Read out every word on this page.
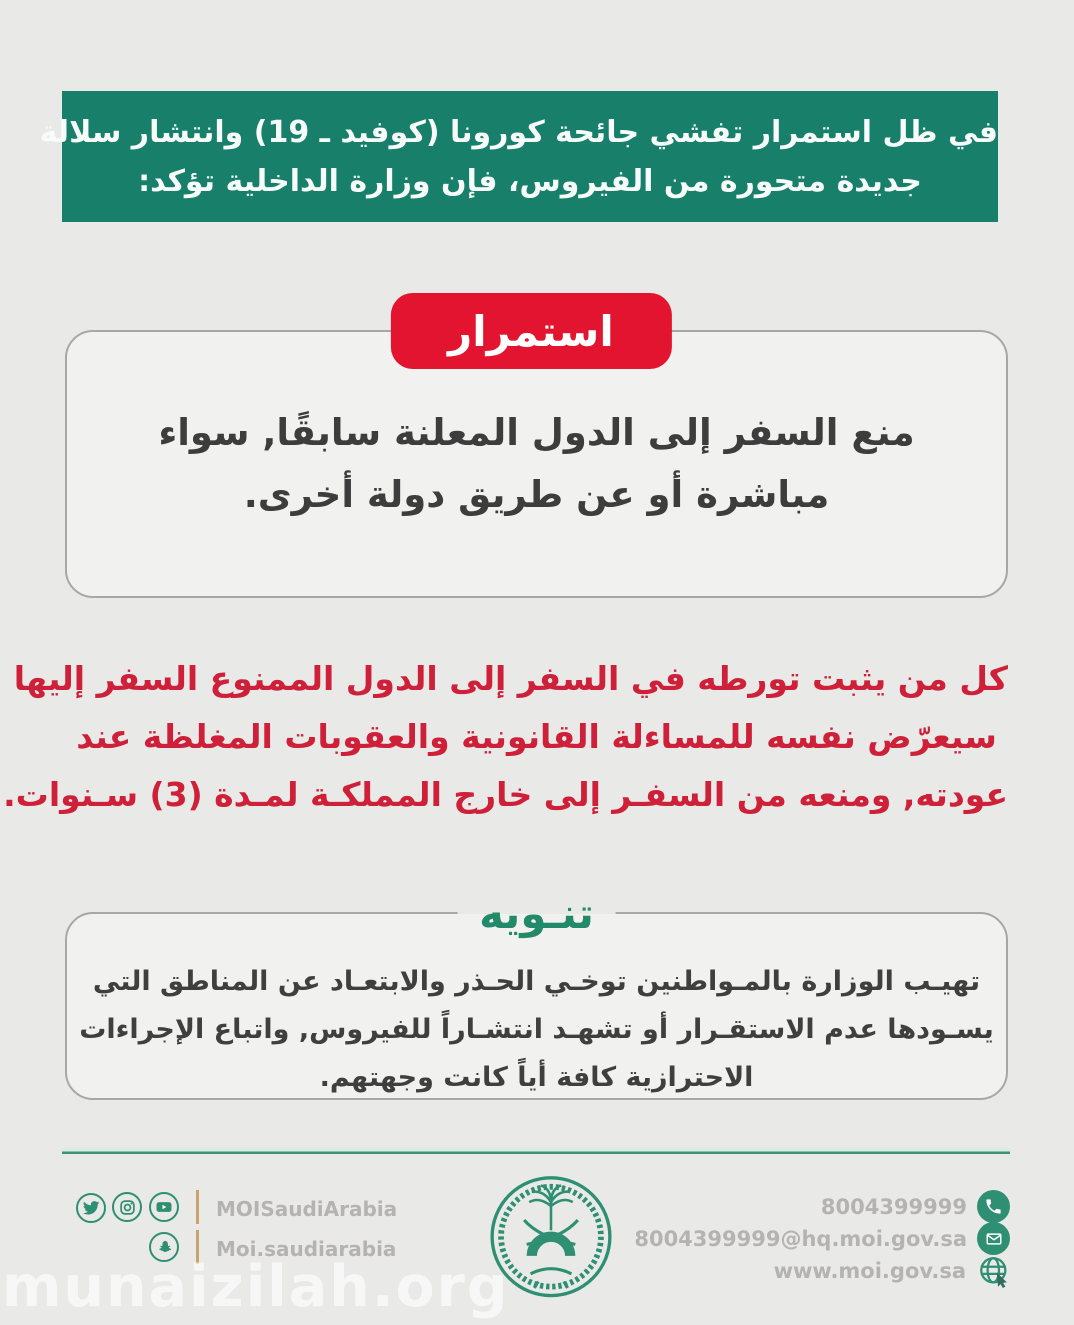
في ظل استمرار تفشي جائحة كورونا (كوفيد ـ 19) وانتشار سلالة
جديدة متحورة من الفيروس، فإن وزارة الداخلية تؤكد:
استمرار
منع السفر إلى الدول المعلنة سابقًا, سواء
مباشرة أو عن طريق دولة أخرى.
كل من يثبت تورطه في السفر إلى الدول الممنوع السفر إليها
سيعرّض نفسه للمساءلة القانونية والعقوبات المغلظة عند
عودته, ومنعه من السفـر إلى خارج المملكـة لمـدة (3) سـنوات.
تنـويه
تهيـب الوزارة بالمـواطنين توخـي الحـذر والابتعـاد عن المناطق التي
يسـودها عدم الاستقـرار أو تشهـد انتشـاراً للفيروس, واتباع الإجراءات
الاحترازية كافة أياً كانت وجهتهم.
MOISaudiArabia
Moi.saudiarabia
8004399999
8004399999@hq.moi.gov.sa
www.moi.gov.sa
munaizilah.org
